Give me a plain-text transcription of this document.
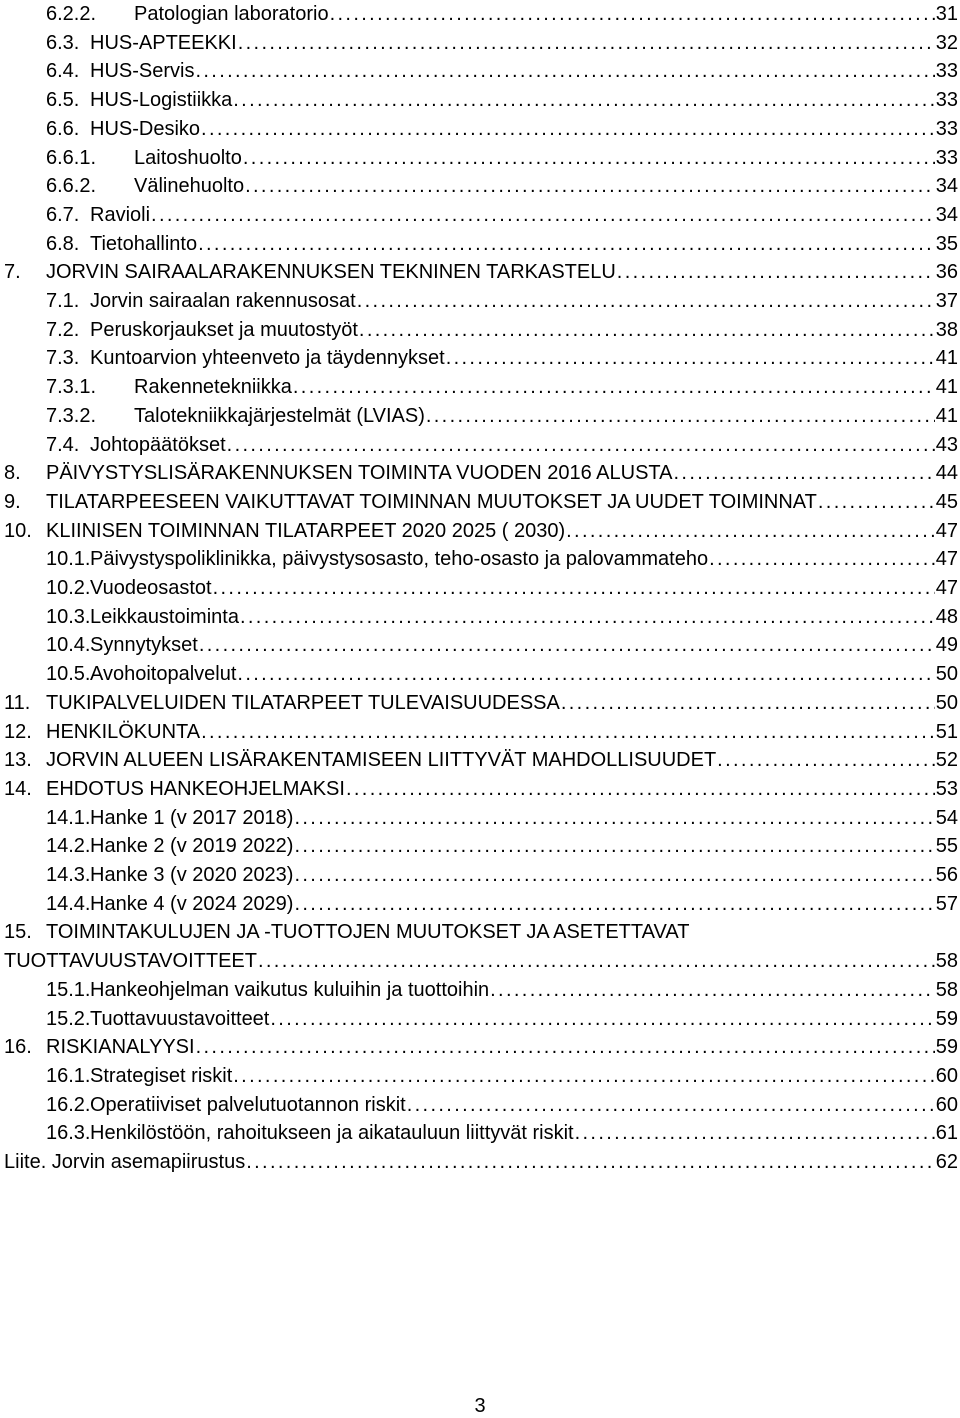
6.2.2. Patologian laboratorio . . .	31
6.3. HUS-APTEEKKI . . .	32
6.4. HUS-Servis . . .	33
6.5. HUS-Logistiikka . . .	33
6.6. HUS-Desiko . . .	33
6.6.1. Laitoshuolto . . .	33
6.6.2. Välinehuolto . . .	34
6.7. Ravioli . . .	34
6.8. Tietohallinto . . .	35
7. JORVIN SAIRAALARAKENNUKSEN TEKNINEN TARKASTELU . . .	36
7.1. Jorvin sairaalan rakennusosat . . .	37
7.2. Peruskorjaukset ja muutostyöt . . .	38
7.3. Kuntoarvion yhteenveto ja täydennykset . . .	41
7.3.1. Rakennetekniikka . . .	41
7.3.2. Talotekniikkajärjestelmät (LVIAS) . . .	41
7.4. Johtopäätökset . . .	43
8. PÄIVYSTYSLISÄRAKENNUKSEN TOIMINTA VUODEN 2016 ALUSTA . . .	44
9. TILATARPEESEEN VAIKUTTAVAT TOIMINNAN MUUTOKSET JA UUDET TOIMINNAT . . .	45
10. KLIINISEN TOIMINNAN TILATARPEET 2020 2025 ( 2030) . . .	47
10.1. Päivystyspoliklinikka, päivystysosasto, teho-osasto ja palovammateho . . .	47
10.2. Vuodeosastot . . .	47
10.3. Leikkaustoiminta . . .	48
10.4. Synnytykset . . .	49
10.5. Avohoitopalvelut . . .	50
11. TUKIPALVELUIDEN TILATARPEET TULEVAISUUDESSA . . .	50
12. HENKILÖKUNTA . . .	51
13. JORVIN ALUEEN LISÄRAKENTAMISEEN LIITTYVÄT MAHDOLLISUUDET . . .	52
14. EHDOTUS HANKEOHJELMAKSI . . .	53
14.1. Hanke 1 (v 2017 2018) . . .	54
14.2. Hanke 2 (v 2019 2022) . . .	55
14.3. Hanke 3 (v 2020 2023) . . .	56
14.4. Hanke 4 (v 2024 2029) . . .	57
15. TOIMINTAKULUJEN JA -TUOTTOJEN MUUTOKSET JA ASETETTAVAT
TUOTTAVUUSTAVOITTEET . . .	58
15.1. Hankeohjelman vaikutus kuluihin ja tuottoihin . . .	58
15.2. Tuottavuustavoitteet . . .	59
16. RISKIANALYYSI . . .	59
16.1. Strategiset riskit . . .	60
16.2. Operatiiviset palvelutuotannon riskit . . .	60
16.3. Henkilöstöön, rahoitukseen ja aikatauluun liittyvät riskit . . .	61
Liite. Jorvin asemapiirustus . . .	62
3
